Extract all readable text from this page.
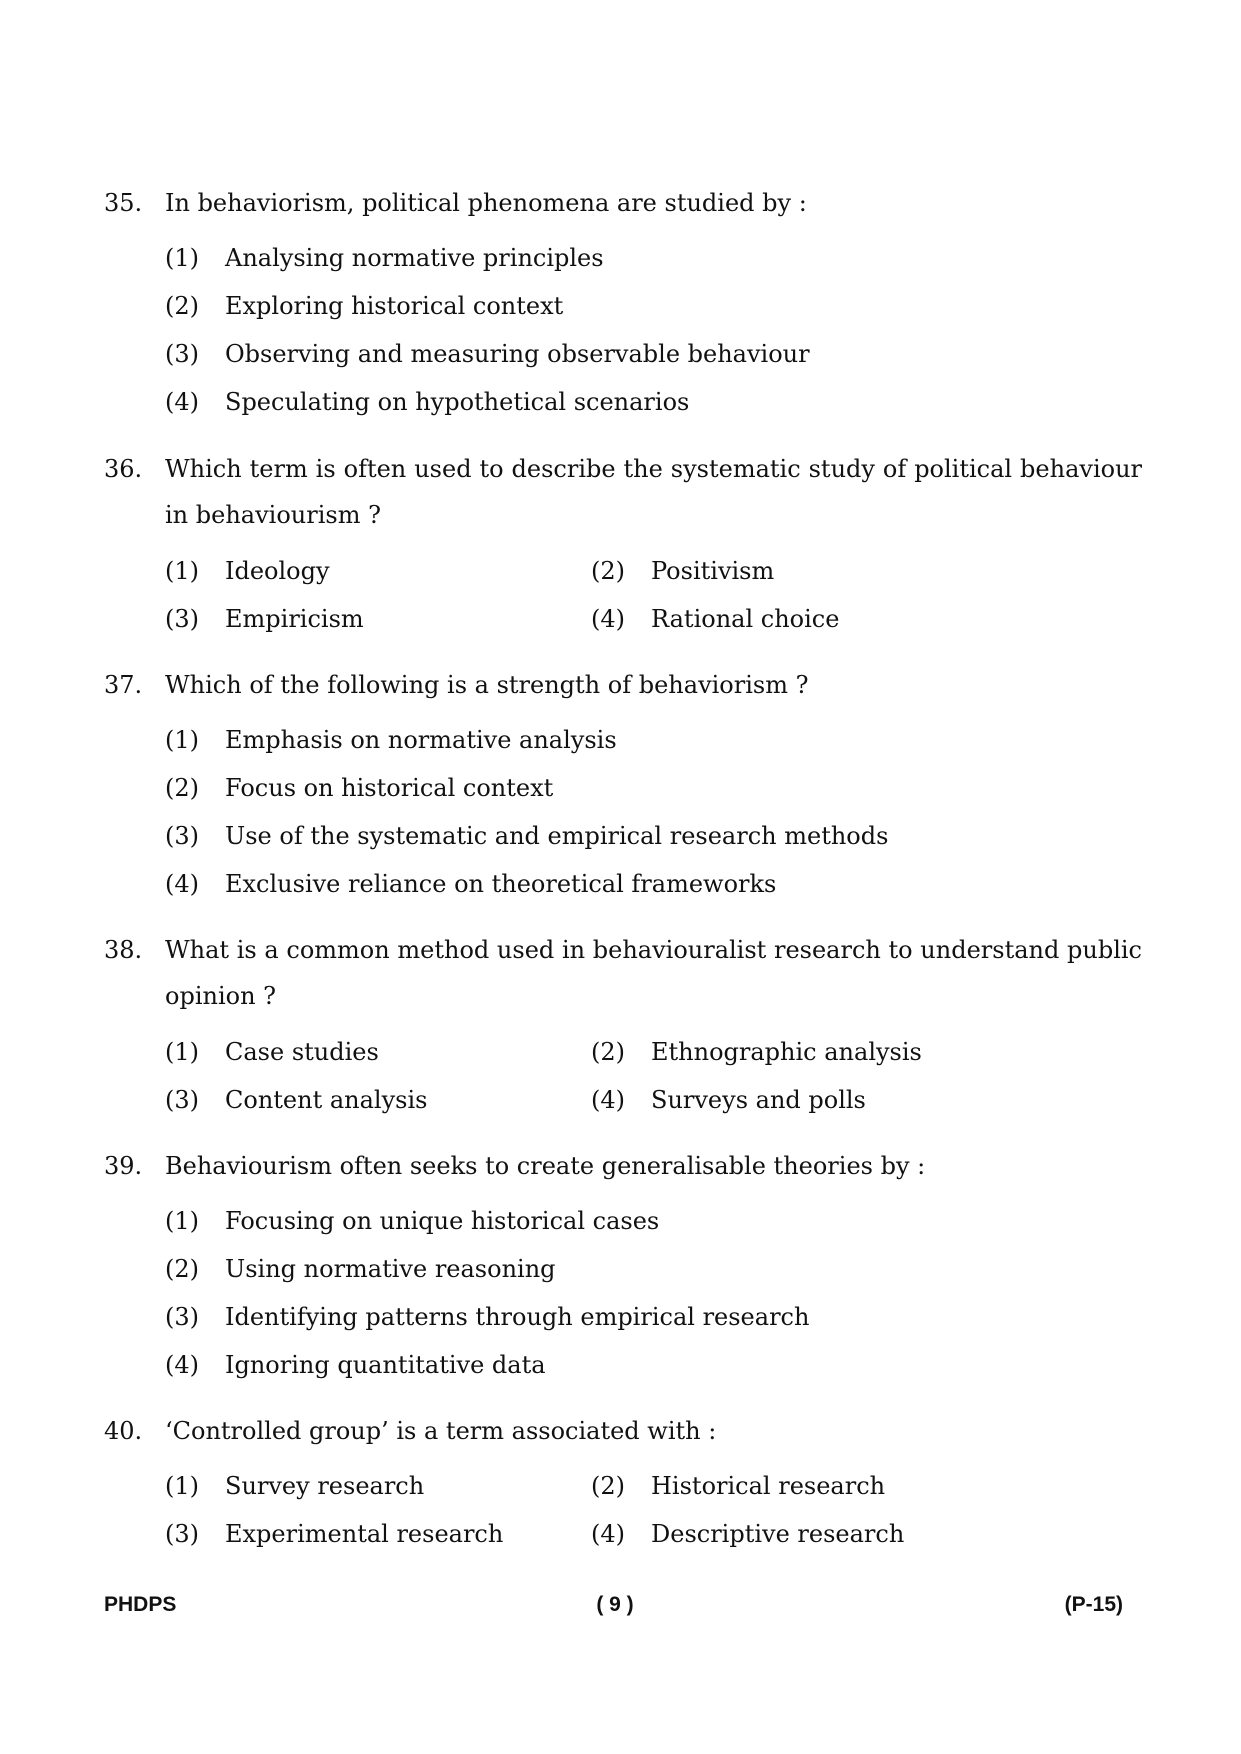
35. In behaviorism, political phenomena are studied by :
(1) Analysing normative principles
(2) Exploring historical context
(3) Observing and measuring observable behaviour
(4) Speculating on hypothetical scenarios
36. Which term is often used to describe the systematic study of political behaviour in behaviourism ?
(1) Ideology	(2) Positivism
(3) Empiricism	(4) Rational choice
37. Which of the following is a strength of behaviorism ?
(1) Emphasis on normative analysis
(2) Focus on historical context
(3) Use of the systematic and empirical research methods
(4) Exclusive reliance on theoretical frameworks
38. What is a common method used in behaviouralist research to understand public opinion ?
(1) Case studies	(2) Ethnographic analysis
(3) Content analysis	(4) Surveys and polls
39. Behaviourism often seeks to create generalisable theories by :
(1) Focusing on unique historical cases
(2) Using normative reasoning
(3) Identifying patterns through empirical research
(4) Ignoring quantitative data
40. ‘Controlled group’ is a term associated with :
(1) Survey research	(2) Historical research
(3) Experimental research	(4) Descriptive research
PHDPS	( 9 )	(P-15)
